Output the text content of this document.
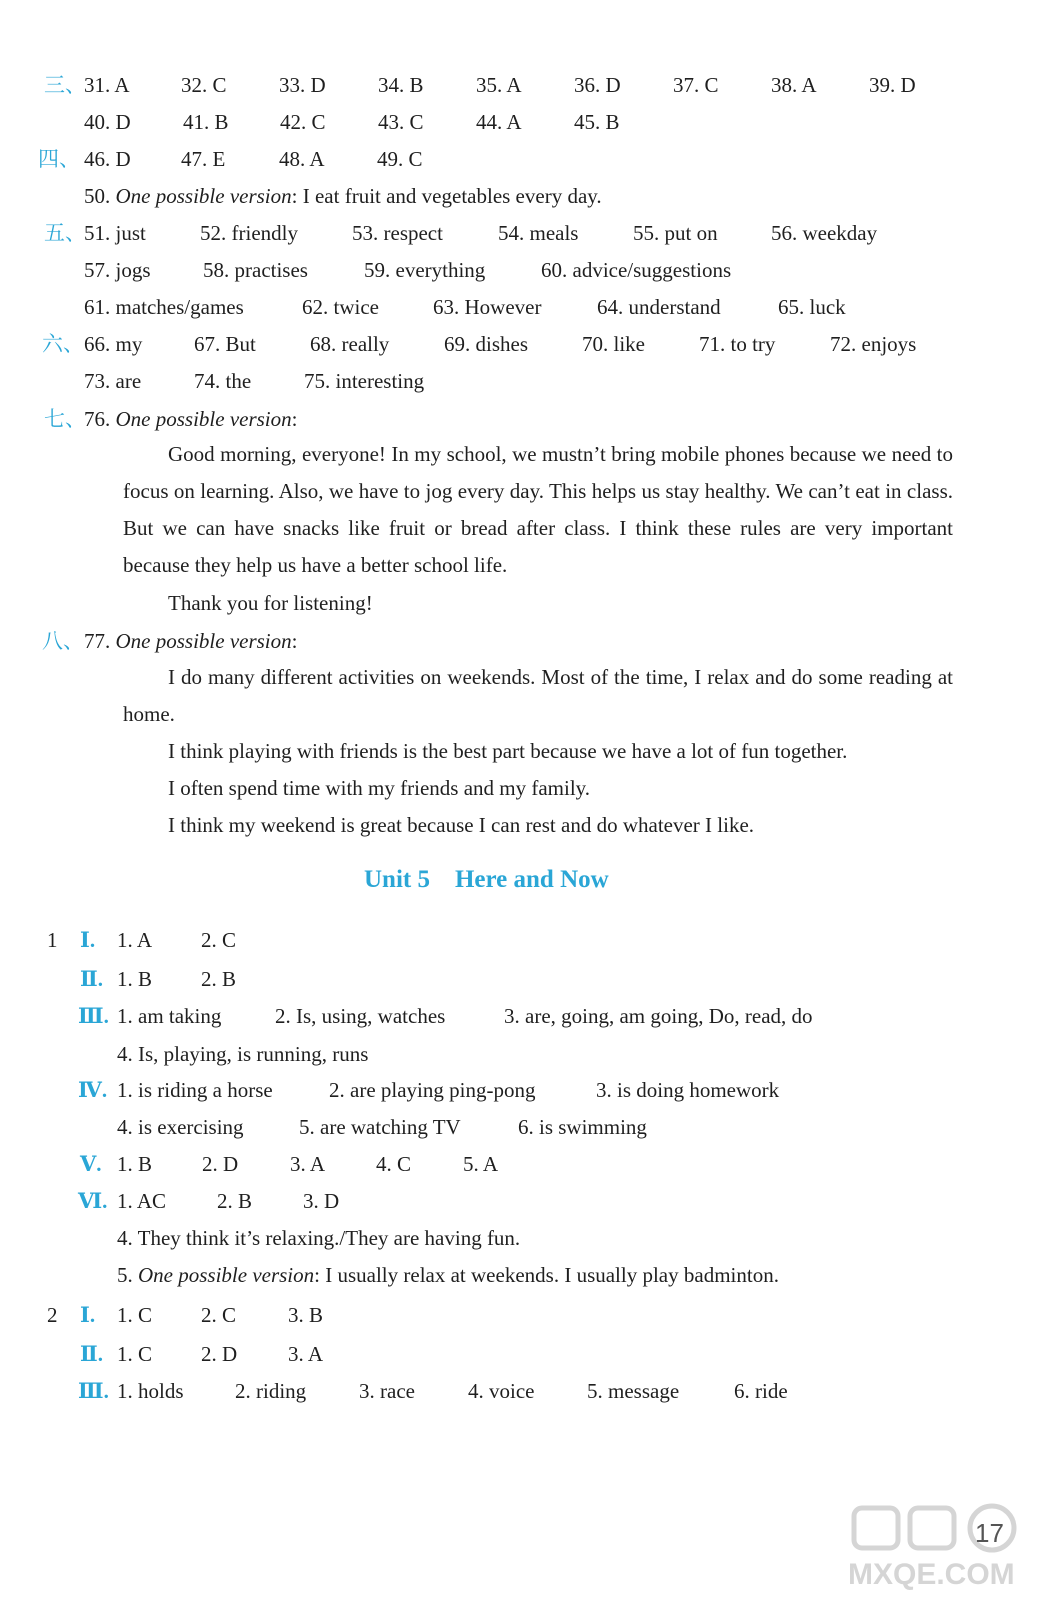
三、
31. A 32. C 33. D 34. B 35. A 36. D 37. C 38. A 39. D
40. D 41. B 42. C 43. C 44. A 45. B
四、 46. D 47. E	48. A 49. C
50. One possible version: I eat fruit and vegetables every day.
五、
51. just	52. friendly	53. respect	54. meals	55. put on	56. weekday
57. jogs 58. practises	59. everything	60. advice/suggestions
61. matches/games	62. twice	63. However	64. understand	65. luck
六、 66. my 67. But	68. really	69. dishes	70. like	71. to try	72. enjoys
73. are	74. the	75. interesting
七、
76. One possible version:
Good morning, everyone! In my school, we mustn’t bring mobile phones because we need to focus on learning. Also, we have to jog every day. This helps us stay healthy. We can’t eat in class. But we can have snacks like fruit or bread after class. I think these rules are very important because they help us have a better school life.
Thank you for listening!
八、 77. One possible version:
I do many different activities on weekends. Most of the time, I relax and do some reading at home.
I think playing with friends is the best part because we have a lot of fun together.
I often spend time with my friends and my family.
I think my weekend is great because I can rest and do whatever I like.
Unit 5 Here and Now
1 Ⅰ. 1. A 2. C
Ⅱ. 1. B 2. B
Ⅲ. 1. am taking	2. Is, using, watches	3. are, going, am going, Do, read, do
4. Is, playing, is running, runs
Ⅳ. 1. is riding a horse	2. are playing ping-pong	3. is doing homework
4. is exercising	5. are watching TV	6. is swimming
Ⅴ. 1. B 2. D 3. A 4. C 5. A
Ⅵ. 1. AC 2. B 3. D
4. They think it’s relaxing./They are having fun.
5. One possible version: I usually relax at weekends. I usually play badminton.
2 Ⅰ. 1. C 2. C 3. B
Ⅱ. 1. C 2. D 3. A
Ⅲ. 1. holds 2. riding	3. race	4. voice	5. message	6. ride
MXQE.COM
17
